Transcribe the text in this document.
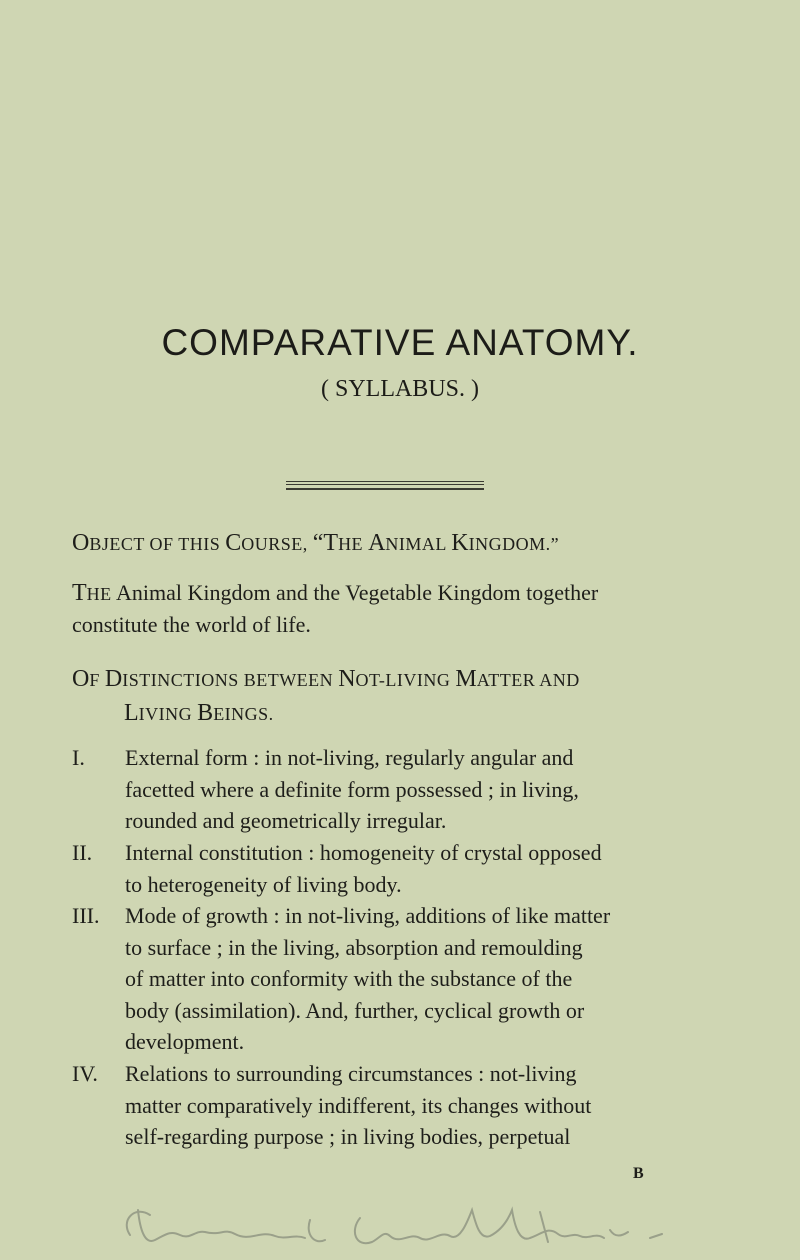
COMPARATIVE ANATOMY.
( SYLLABUS. )
OBJECT OF THIS COURSE, “THE ANIMAL KINGDOM.”
THE Animal Kingdom and the Vegetable Kingdom together
constitute the world of life.
OF DISTINCTIONS BETWEEN NOT-LIVING MATTER AND
LIVING BEINGS.
I. External form : in not-living, regularly angular and

facetted where a definite form possessed ; in living,

rounded and geometrically irregular.

II. Internal constitution : homogeneity of crystal opposed

to heterogeneity of living body.

III. Mode of growth : in not-living, additions of like matter

to surface ; in the living, absorption and remoulding

of matter into conformity with the substance of the

body (assimilation). And, further, cyclical growth or

development.

IV. Relations to surrounding circumstances : not-living

matter comparatively indifferent, its changes without

self-regarding purpose ; in living bodies, perpetual

B
